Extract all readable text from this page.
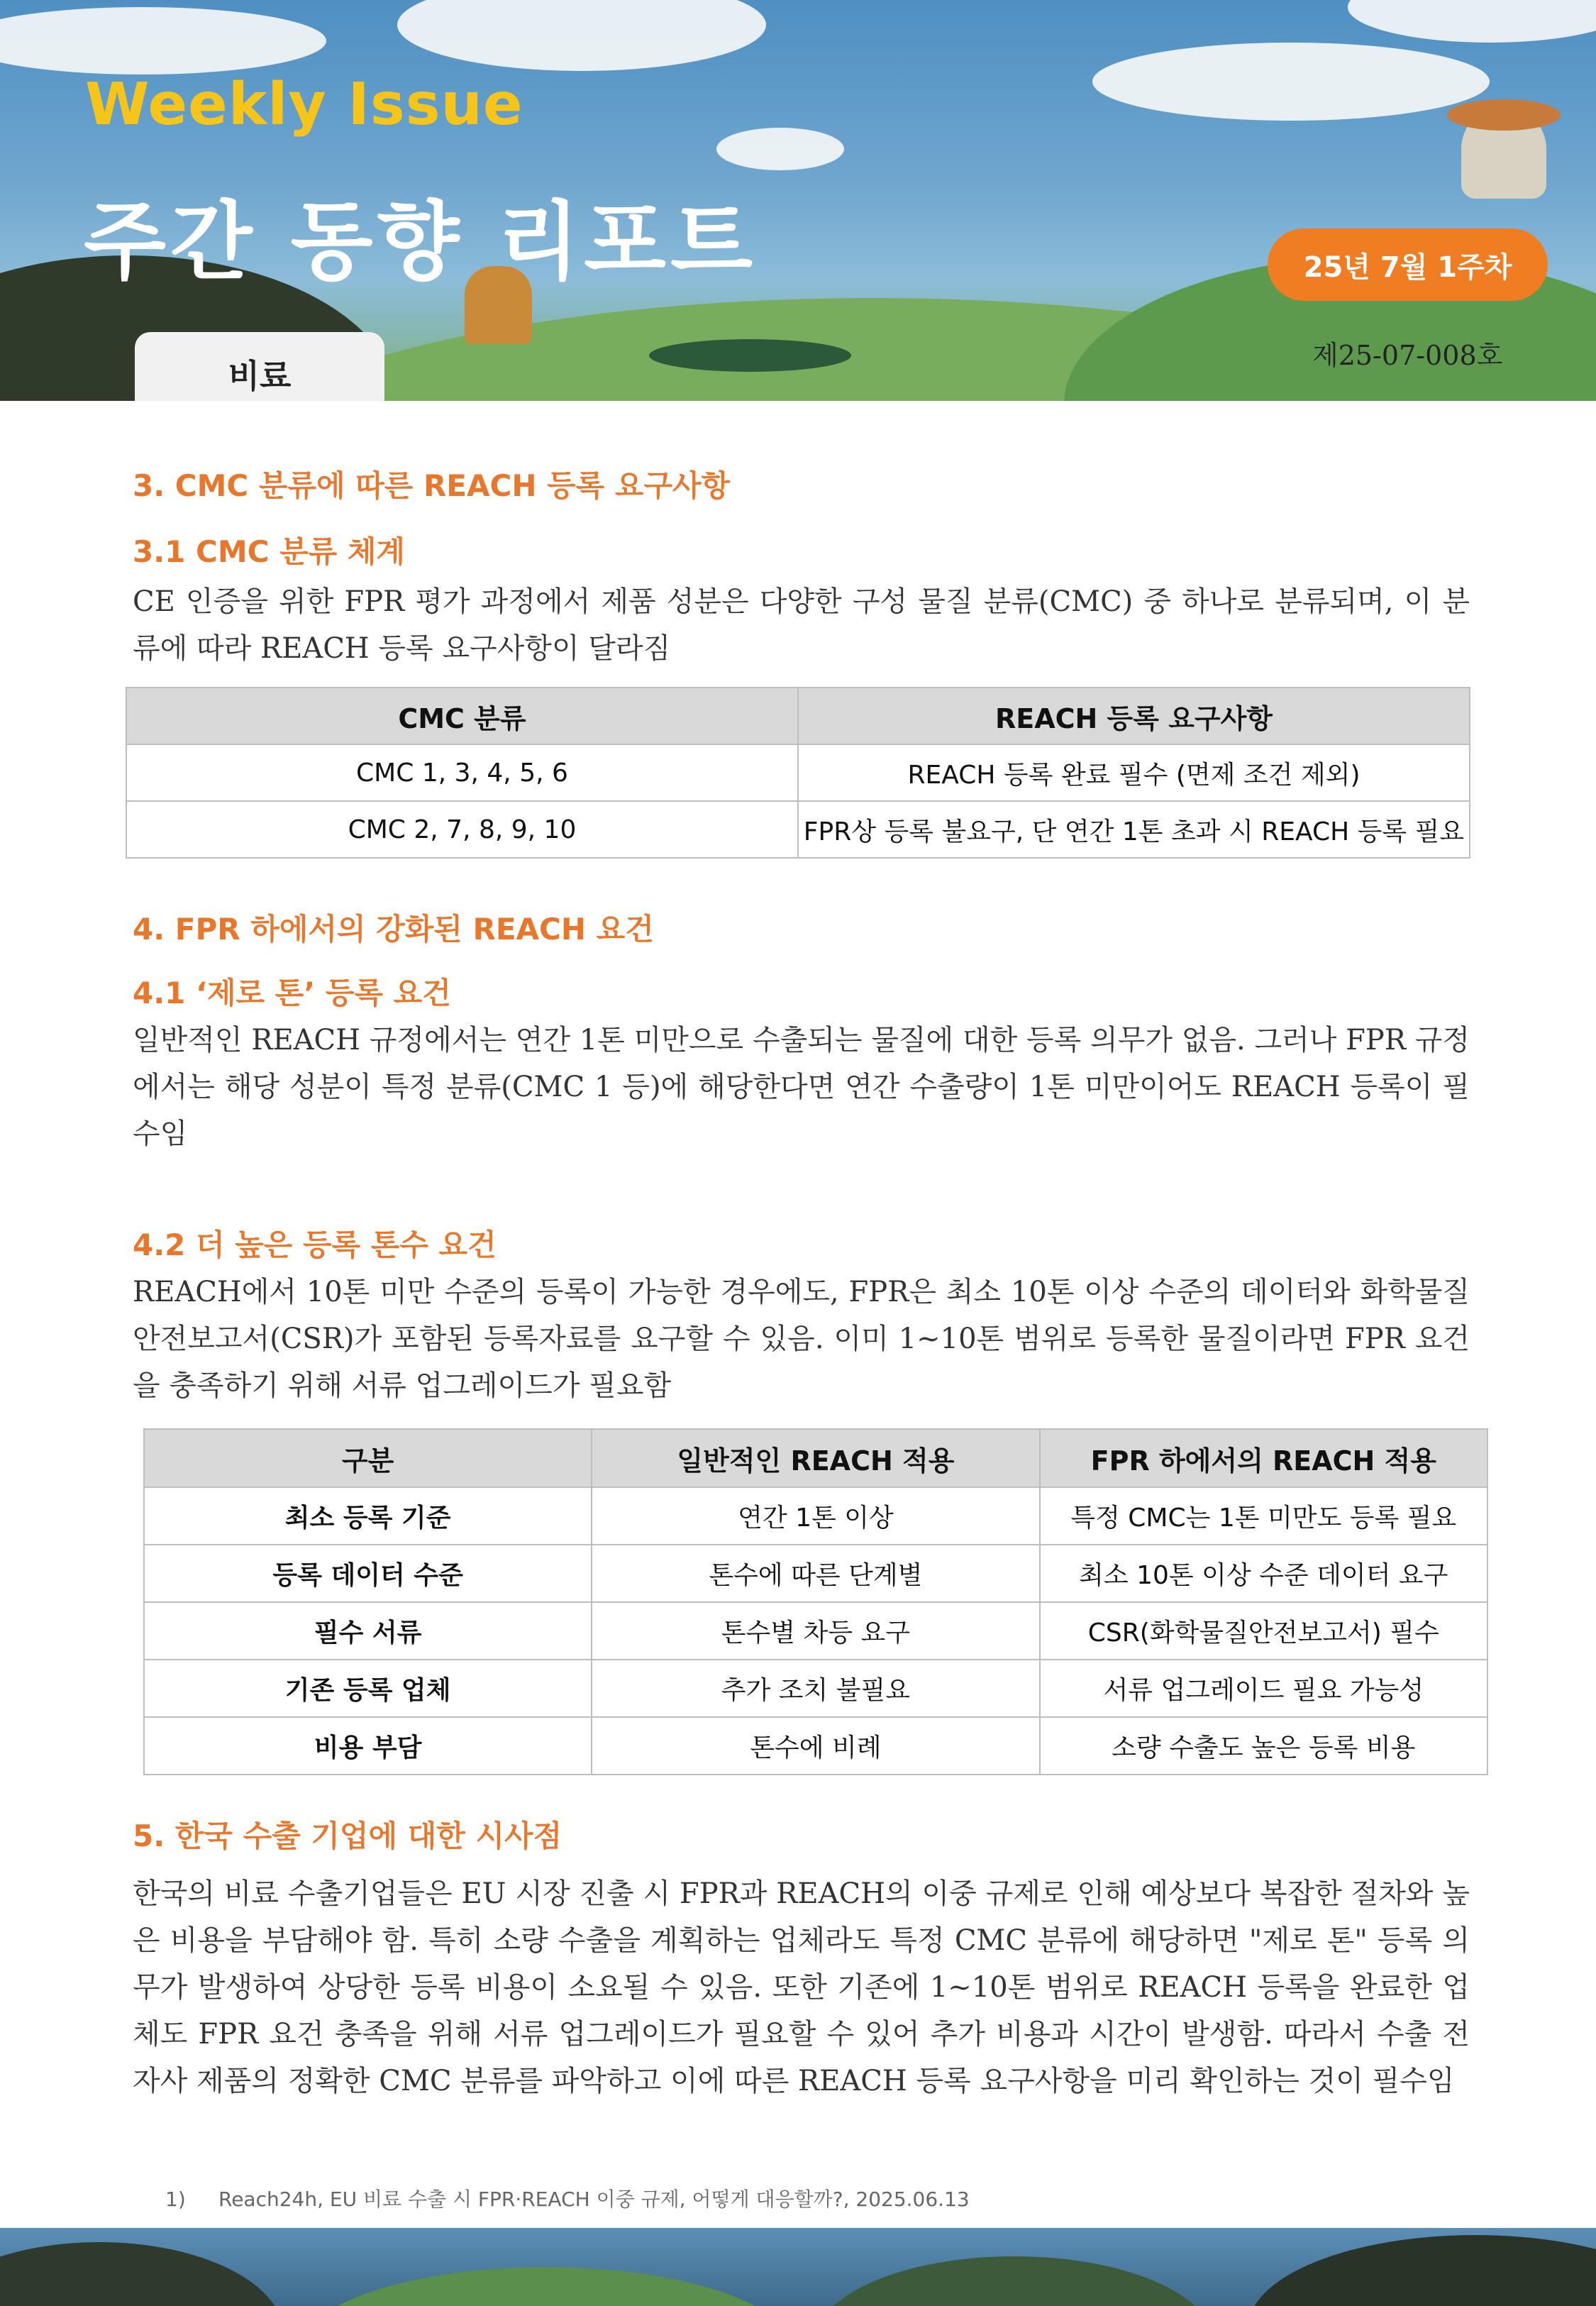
Weekly Issue
주간 동향 리포트	25년 7월 1주차
제25-07-008호
비료
3. CMC 분류에 따른 REACH 등록 요구사항
3.1 CMC 분류 체계
CE 인증을 위한 FPR 평가 과정에서 제품 성분은 다양한 구성 물질 분류(CMC) 중 하나로 분류되며, 이 분류에 따라 REACH 등록 요구사항이 달라짐
CMC 분류	REACH 등록 요구사항
CMC 1, 3, 4, 5, 6	REACH 등록 완료 필수 (면제 조건 제외)
CMC 2, 7, 8, 9, 10	FPR상 등록 불요구, 단 연간 1톤 초과 시 REACH 등록 필요
4. FPR 하에서의 강화된 REACH 요건
4.1 ‘제로 톤’ 등록 요건
일반적인 REACH 규정에서는 연간 1톤 미만으로 수출되는 물질에 대한 등록 의무가 없음. 그러나 FPR 규정에서는 해당 성분이 특정 분류(CMC 1 등)에 해당한다면 연간 수출량이 1톤 미만이어도 REACH 등록이 필수임
4.2 더 높은 등록 톤수 요건
REACH에서 10톤 미만 수준의 등록이 가능한 경우에도, FPR은 최소 10톤 이상 수준의 데이터와 화학물질안전보고서(CSR)가 포함된 등록자료를 요구할 수 있음. 이미 1~10톤 범위로 등록한 물질이라면 FPR 요건을 충족하기 위해 서류 업그레이드가 필요함
구분	일반적인 REACH 적용	FPR 하에서의 REACH 적용
최소 등록 기준	연간 1톤 이상	특정 CMC는 1톤 미만도 등록 필요
등록 데이터 수준	톤수에 따른 단계별	최소 10톤 이상 수준 데이터 요구
필수 서류	톤수별 차등 요구	CSR(화학물질안전보고서) 필수
기존 등록 업체	추가 조치 불필요	서류 업그레이드 필요 가능성
비용 부담	톤수에 비례	소량 수출도 높은 등록 비용
5. 한국 수출 기업에 대한 시사점
한국의 비료 수출기업들은 EU 시장 진출 시 FPR과 REACH의 이중 규제로 인해 예상보다 복잡한 절차와 높은 비용을 부담해야 함. 특히 소량 수출을 계획하는 업체라도 특정 CMC 분류에 해당하면 "제로 톤" 등록 의무가 발생하여 상당한 등록 비용이 소요될 수 있음. 또한 기존에 1~10톤 범위로 REACH 등록을 완료한 업체도 FPR 요건 충족을 위해 서류 업그레이드가 필요할 수 있어 추가 비용과 시간이 발생함. 따라서 수출 전 자사 제품의 정확한 CMC 분류를 파악하고 이에 따른 REACH 등록 요구사항을 미리 확인하는 것이 필수임
1) Reach24h, EU 비료 수출 시 FPR·REACH 이중 규제, 어떻게 대응할까?, 2025.06.13
